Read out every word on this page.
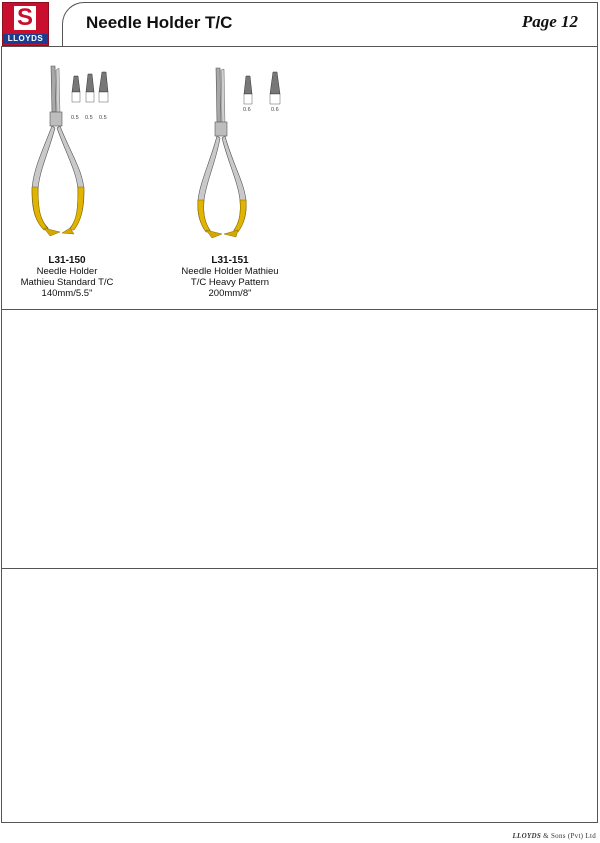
S
LLOYDS
Needle Holder T/C	Page 12
0.5 0.5 0.5
L31-150
Needle Holder
Mathieu Standard T/C
140mm/5.5"
0.6	0.6
L31-151
Needle Holder Mathieu
T/C Heavy Pattern
200mm/8"
LLOYDS & Sons (Pvt) Ltd
